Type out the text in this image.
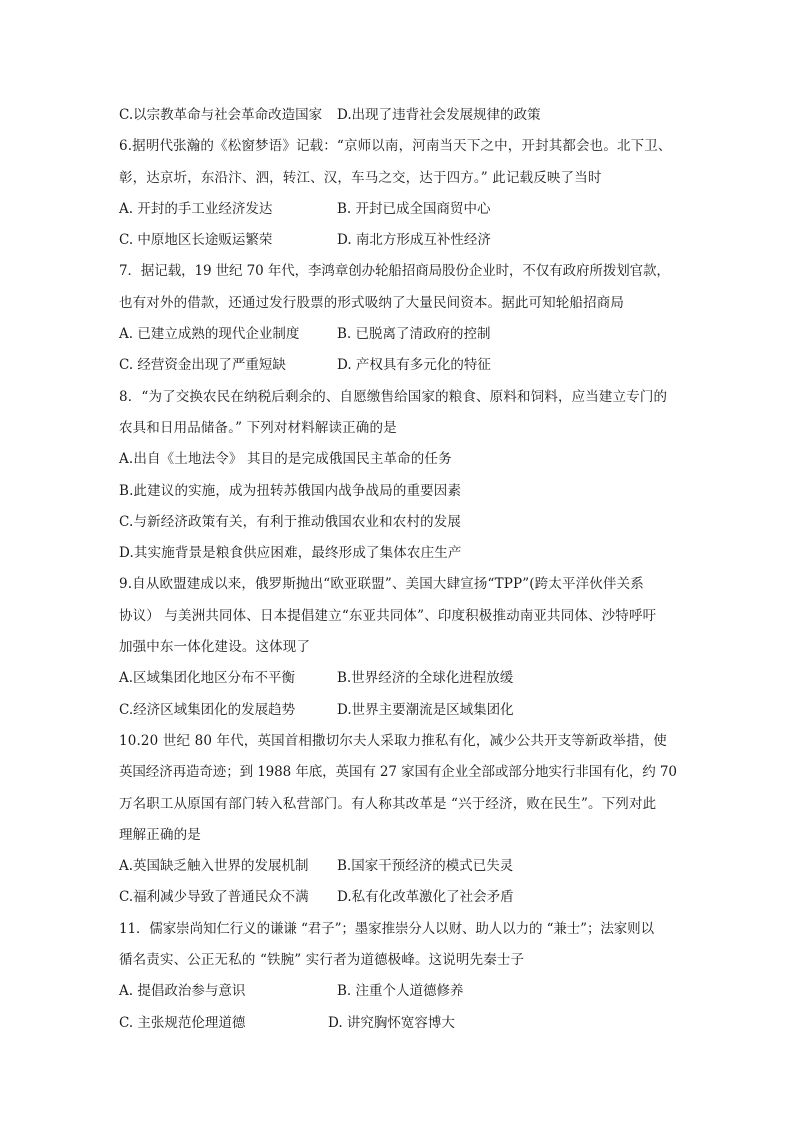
C.以宗教革命与社会革命改造国家	D.出现了违背社会发展规律的政策
6.据明代张瀚的《松窗梦语》记载：“京师以南，河南当天下之中，开封其都会也。北下卫、
彰，达京圻，东沿汴、泗，转江、汉，车马之交，达于四方。” 此记载反映了当时
A. 开封的手工业经济发达	B. 开封已成全国商贸中心
C. 中原地区长途贩运繁荣	D. 南北方形成互补性经济
7．据记载，19 世纪 70 年代，李鸿章创办轮船招商局股份企业时，不仅有政府所拨划官款，
也有对外的借款，还通过发行股票的形式吸纳了大量民间资本。据此可知轮船招商局
A. 已建立成熟的现代企业制度	B. 已脱离了清政府的控制
C. 经营资金出现了严重短缺	D. 产权具有多元化的特征
8．“为了交换农民在纳税后剩余的、自愿缴售给国家的粮食、原料和饲料，应当建立专门的
农具和日用品储备。” 下列对材料解读正确的是
A.出自《土地法令》 其目的是完成俄国民主革命的任务
B.此建议的实施，成为扭转苏俄国内战争战局的重要因素
C.与新经济政策有关，有利于推动俄国农业和农村的发展
D.其实施背景是粮食供应困难，最终形成了集体农庄生产
9.自从欧盟建成以来，俄罗斯抛出“欧亚联盟”、美国大肆宣扬“TPP”(跨太平洋伙伴关系
协议） 与美洲共同体、日本提倡建立“东亚共同体”、印度积极推动南亚共同体、沙特呼吁
加强中东一体化建设。这体现了
A.区域集团化地区分布不平衡	B.世界经济的全球化进程放缓
C.经济区域集团化的发展趋势	D.世界主要潮流是区域集团化
10.20 世纪 80 年代，英国首相撒切尔夫人采取力推私有化，减少公共开支等新政举措，使
英国经济再造奇迹；到 1988 年底，英国有 27 家国有企业全部或部分地实行非国有化，约 70
万名职工从原国有部门转入私营部门。有人称其改革是 “兴于经济，败在民生”。下列对此
理解正确的是
A.英国缺乏触入世界的发展机制	B.国家干预经济的模式已失灵
C.福利减少导致了普通民众不满	D.私有化改革激化了社会矛盾
11．儒家崇尚知仁行义的谦谦 “君子”；墨家推崇分人以财、助人以力的 “兼士”；法家则以
循名责实、公正无私的 “铁腕” 实行者为道德极峰。这说明先秦士子
A. 提倡政治参与意识	B. 注重个人道德修养
C. 主张规范伦理道德	D. 讲究胸怀宽容博大
